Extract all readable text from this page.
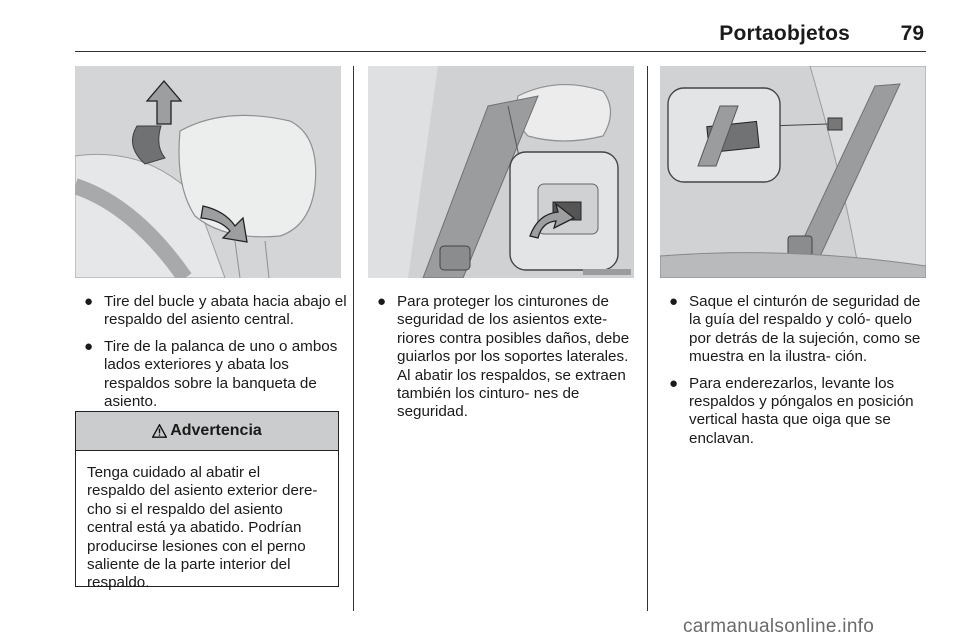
Portaobjetos	79
● Tire del bucle y abata hacia abajo el respaldo del asiento central.
● Tire de la palanca de uno o ambos lados exteriores y abata los respaldos sobre la banqueta de asiento.
Advertencia
Tenga cuidado al abatir el
respaldo del asiento exterior dere-
cho si el respaldo del asiento
central está ya abatido. Podrían
producirse lesiones con el perno
saliente de la parte interior del
respaldo.
● Para proteger los cinturones de seguridad de los asientos exte- riores contra posibles daños, debe guiarlos por los soportes laterales. Al abatir los respaldos, se extraen también los cinturo- nes de seguridad.
● Saque el cinturón de seguridad de la guía del respaldo y coló- quelo por detrás de la sujeción, como se muestra en la ilustra- ción.
● Para enderezarlos, levante los respaldos y póngalos en posición vertical hasta que oiga que se enclavan.
carmanualsonline.info
